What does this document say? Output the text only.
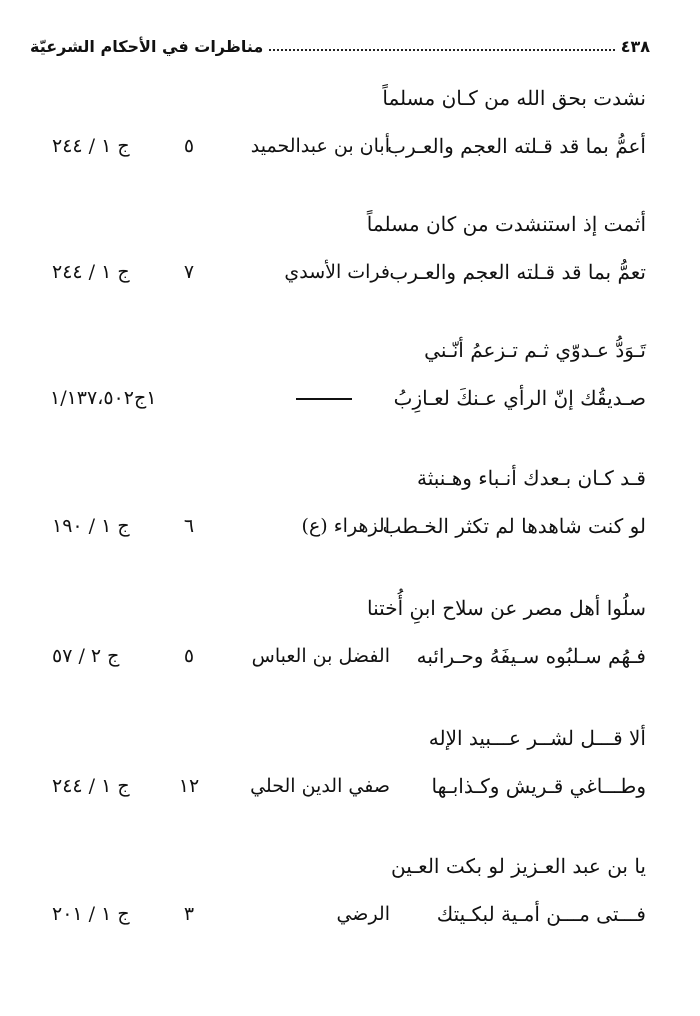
٤٣٨
مناظرات في الأحكام الشرعيّة
نشدت بحق الله من كـان مسلماً
أعمُّ بما قد قـلته العجم والعـرب
أبان بن عبدالحميد
٥
ج ١ / ٢٤٤
أثمت إذ استنشدت من كان مسلماً
تعمُّ بما قد قـلته العجم والعـرب
فرات الأسدي
٧
ج ١ / ٢٤٤
تَـوَدُّ عـدوّي ثـم تـزعمُ أنّـني
صـديقُك إنّ الرأي عـنكَ لعـازِبُ
١ج١/١٣٧،٥٠٢
قـد كـان بـعدك أنـباء وهـنبثة
لو كنت شاهدها لم تكثر الخـطب
الزهراء (ع)
٦
ج ١ / ١٩٠
سلُوا أهل مصر عن سلاح ابنِ أُختنا
فـهُم سـلبُوه سـيفَهُ وحـرائبه
الفضل بن العباس
٥
ج ٢ / ٥٧
ألا قـــل لشــر عـــبيد الإله
وطـــاغي قـريش وكـذابـها
صفي الدين الحلي
١٢
ج ١ / ٢٤٤
يا بن عبد العـزيز لو بكت العـين
فـــتى مـــن أمـية لبكـيتك
الرضي
٣
ج ١ / ٢٠١
